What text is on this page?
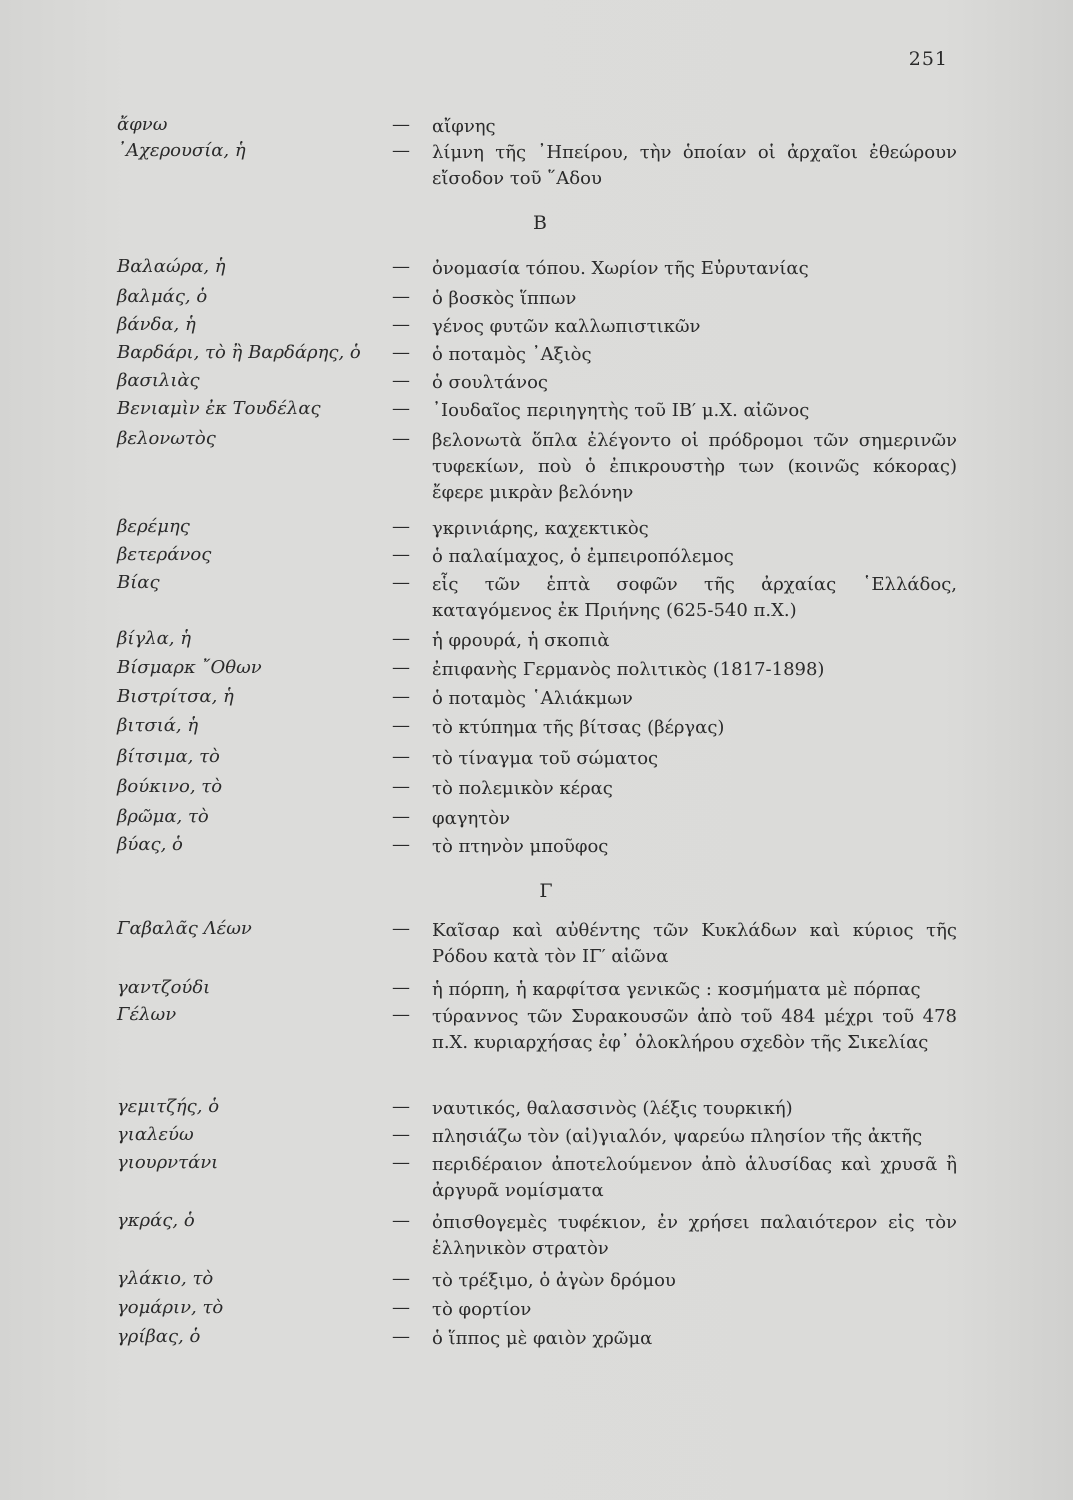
251
ἄφνω	— αἴφνης
᾿Αχερουσία, ἡ	— λίμνη τῆς ᾿Ηπείρου, τὴν ὁποίαν οἱ ἀρχαῖοι ἐθεώρουν εἴσοδον τοῦ ῞Αδου
Β
Βαλαώρα, ἡ	— ὀνομασία τόπου. Χωρίον τῆς Εὐρυτανίας
βαλμάς, ὁ	— ὁ βοσκὸς ἵππων
βάνδα, ἡ	— γένος φυτῶν καλλωπιστικῶν
Βαρδάρι, τὸ ἢ Βαρδάρης, ὁ — ὁ ποταμὸς ᾿Αξιὸς
βασιλιὰς	— ὁ σουλτάνος
Βενιαμὶν ἐκ Τουδέλας	— ᾿Ιουδαῖος περιηγητὴς τοῦ ΙΒ′ μ.Χ. αἰῶνος
βελονωτὸς	— βελονωτὰ ὅπλα ἐλέγοντο οἱ πρόδρομοι τῶν σημερινῶν τυφεκίων, ποὺ ὁ ἐπικρουστὴρ των (κοινῶς κόκορας) ἔφερε μικρὰν βελόνην
βερέμης	— γκρινιάρης, καχεκτικὸς
βετεράνος	— ὁ παλαίμαχος, ὁ ἐμπειροπόλεμος
Βίας	— εἷς τῶν ἑπτὰ σοφῶν τῆς ἀρχαίας ῾Ελλάδος, καταγόμενος ἐκ Πριήνης (625-540 π.Χ.)
βίγλα, ἡ	— ἡ φρουρά, ἡ σκοπιὰ
Βίσμαρκ ῎Οθων	— ἐπιφανὴς Γερμανὸς πολιτικὸς (1817-1898)
Βιστρίτσα, ἡ	— ὁ ποταμὸς ῾Αλιάκμων
βιτσιά, ἡ	— τὸ κτύπημα τῆς βίτσας (βέργας)
βίτσιμα, τὸ	— τὸ τίναγμα τοῦ σώματος
βούκινο, τὸ	— τὸ πολεμικὸν κέρας
βρῶμα, τὸ	— φαγητὸν
βύας, ὁ	— τὸ πτηνὸν μποῦφος
Γ
Γαβαλᾶς Λέων	— Καῖσαρ καὶ αὐθέντης τῶν Κυκλάδων καὶ κύριος τῆς Ρόδου κατὰ τὸν ΙΓ′ αἰῶνα
γαντζούδι	— ἡ πόρπη, ἡ καρφίτσα γενικῶς : κοσμήματα μὲ πόρπας
Γέλων	— τύραννος τῶν Συρακουσῶν ἀπὸ τοῦ 484 μέχρι τοῦ 478 π.Χ. κυριαρχήσας ἐφ᾿ ὁλοκλήρου σχεδὸν τῆς Σικελίας
γεμιτζής, ὁ	— ναυτικός, θαλασσινὸς (λέξις τουρκική)
γιαλεύω	— πλησιάζω τὸν (αἰ)γιαλόν, ψαρεύω πλησίον τῆς ἀκτῆς
γιουρντάνι	— περιδέραιον ἀποτελούμενον ἀπὸ ἁλυσίδας καὶ χρυσᾶ ἢ ἀργυρᾶ νομίσματα
γκράς, ὁ	— ὀπισθογεμὲς τυφέκιον, ἐν χρήσει παλαιότερον εἰς τὸν ἑλληνικὸν στρατὸν
γλάκιο, τὸ	— τὸ τρέξιμο, ὁ ἀγὼν δρόμου
γομάριν, τὸ	— τὸ φορτίον
γρίβας, ὁ	— ὁ ἵππος μὲ φαιὸν χρῶμα
